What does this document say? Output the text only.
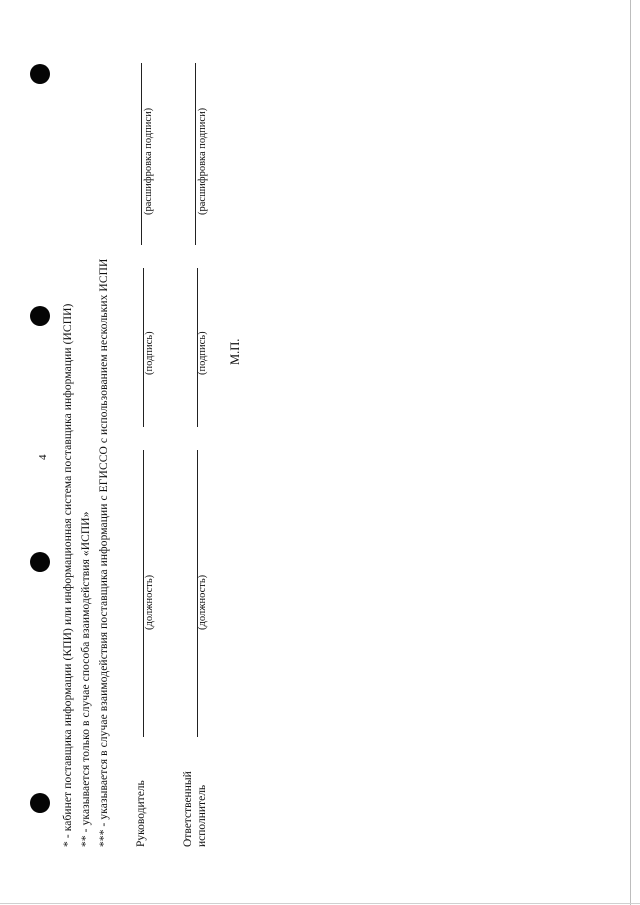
4 * - кабинет поставщика информации (КПИ) или информационная система поставщика информации (ИСПИ) ** - указывается только в случае способа взаимодействия «ИСПИ» *** - указывается в случае взаимодействия поставщика информации с ЕГИССО с использованием нескольких ИСПИ Руководитель
(должность)
(подпись)
(расшифровка подписи)
Ответственный исполнитель
(должность)
(подпись)
(расшифровка подписи)
М.П.
